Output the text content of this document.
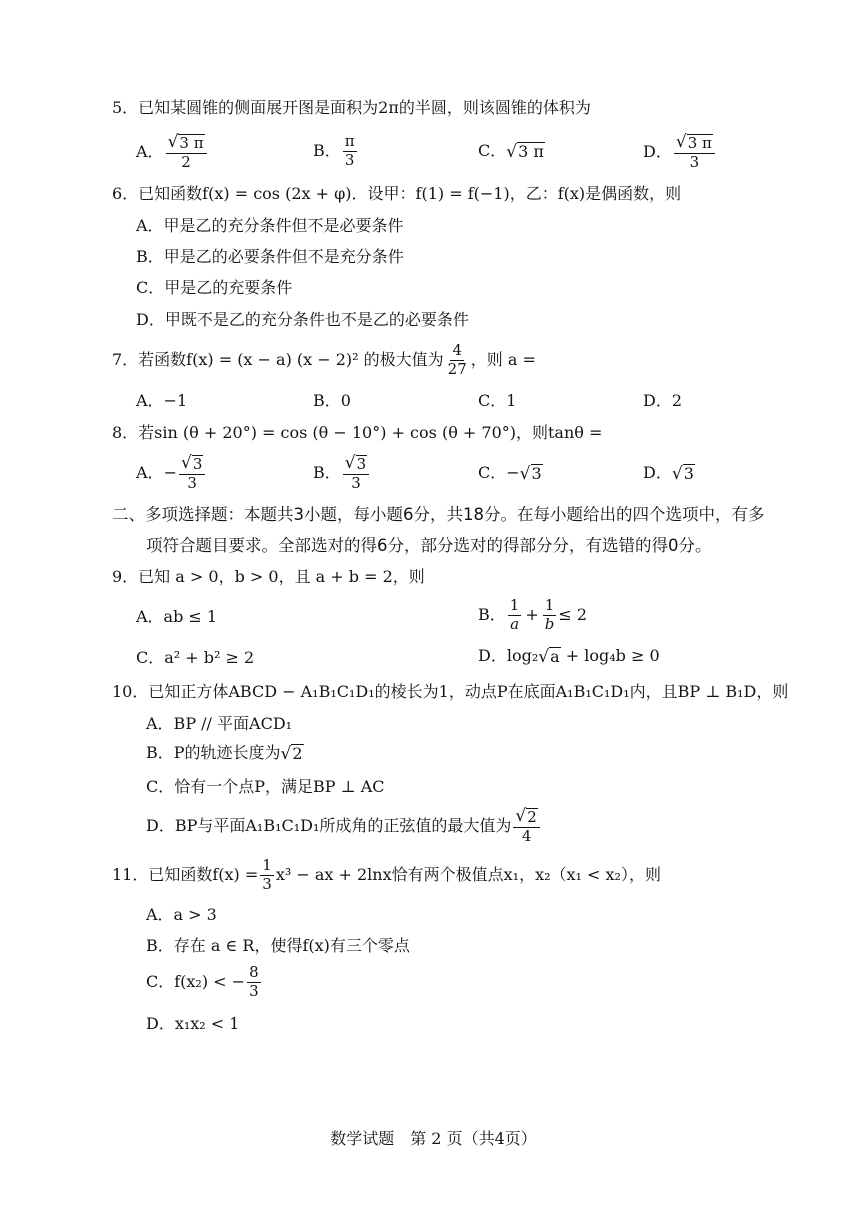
5．已知某圆锥的侧面展开图是面积为2π的半圆，则该圆锥的体积为
A． $\frac{√ 3 \pi}{2}$	B． $\frac{\pi}{3}$	C． √ 3 π	D． $\frac{√ 3 \pi}{3}$
6．已知函数f(x) = cos (2x + φ)．设甲：f(1) = f(−1)，乙：f(x)是偶函数，则
A．甲是乙的充分条件但不是必要条件
B．甲是乙的必要条件但不是充分条件
C．甲是乙的充要条件
D．甲既不是乙的充分条件也不是乙的必要条件
7．若函数f(x) = (x − a) (x − 2)² 的极大值为 $\frac{4}{27}$ ，则 a =
A．−1	B．0	C．1	D．2
8．若sin (θ + 20°) = cos (θ − 10°) + cos (θ + 70°)，则tanθ =
A． − $\frac{√ 3}{3}$	B． $\frac{√ 3}{3}$	C． − √ 3	D． √ 3
二、多项选择题：本题共3小题，每小题6分，共18分。在每小题给出的四个选项中，有多
项符合题目要求。全部选对的得6分，部分选对的得部分分，有选错的得0分。
9．已知 a > 0，b > 0，且 a + b = 2，则
A．ab ≤ 1	B． $\frac{1}{a} + \frac{1}{b} \le 2$
C．a² + b² ≥ 2	D． log₂ √ a + log₄b ≥ 0
10．已知正方体ABCD − A₁B₁C₁D₁的棱长为1，动点P在底面A₁B₁C₁D₁内，且BP ⊥ B₁D，则
A．BP // 平面ACD₁
B．P的轨迹长度为 √ 2
C．恰有一个点P，满足BP ⊥ AC
D．BP与平面A₁B₁C₁D₁所成角的正弦值的最大值为 $\frac{√ 2}{4}$
11．已知函数$f(x) = \frac{1}{3} x^3$ − ax + 2lnx恰有两个极值点x₁，x₂（x₁ < x₂），则
A．a > 3
B．存在 a ∈ R，使得f(x)有三个零点
C．f(x₂) < − $\frac{8}{3}$
D．x₁x₂ < 1
数学试题　第 2 页（共4页）
